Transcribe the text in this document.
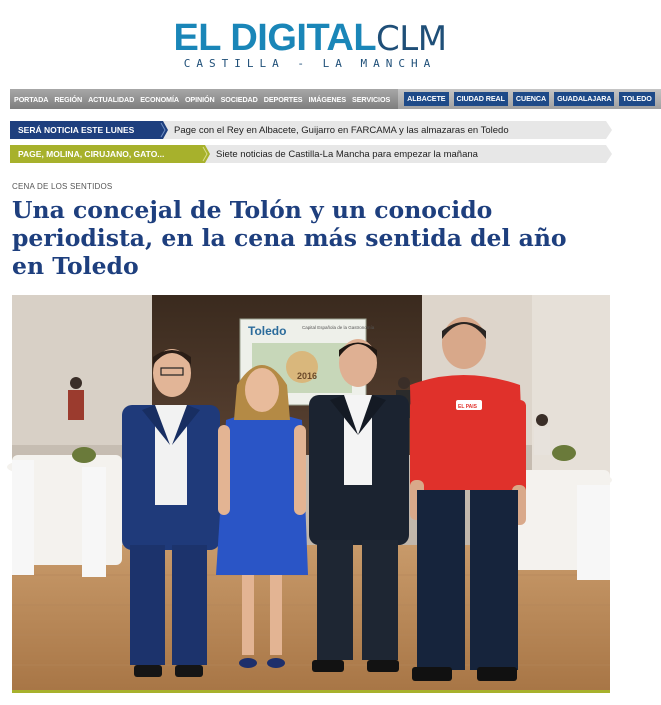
EL DIGITALCLM
CASTILLA - LA MANCHA
PORTADA REGIÓN ACTUALIDAD ECONOMÍA OPINIÓN SOCIEDAD DEPORTES IMÁGENES SERVICIOS	ALBACETE	CIUDAD REAL	CUENCA	GUADALAJARA	TOLEDO
SERÁ NOTICIA ESTE LUNES	Page con el Rey en Albacete, Guijarro en FARCAMA y las almazaras en Toledo
PAGE, MOLINA, CIRUJANO, GATO...	Siete noticias de Castilla-La Mancha para empezar la mañana
CENA DE LOS SENTIDOS
Una concejal de Tolón y un conocido periodista, en la cena más sentida del año en Toledo
Toledo	Capital Española de la Gastronomía
2016
EL PAIS
